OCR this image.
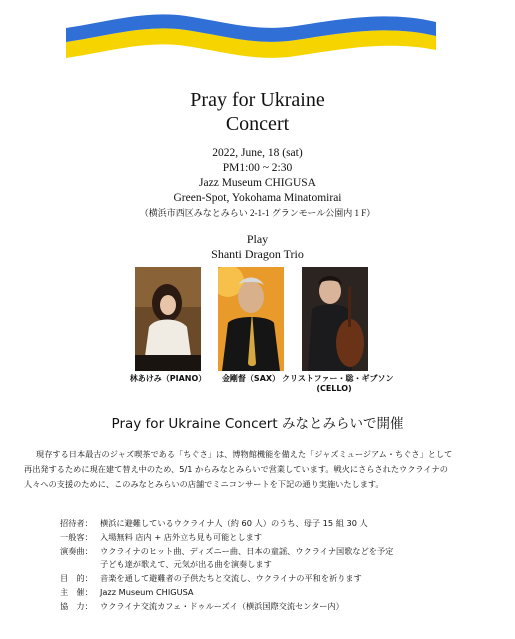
Pray for Ukraine
Concert
2022, June, 18 (sat)
PM1:00 ~ 2:30
Jazz Museum CHIGUSA
Green-Spot, Yokohama Minatomirai
（横浜市西区みなとみらい 2-1-1 グランモール公園内 1 F）
Play
Shanti Dragon Trio
林あけみ（PIANO）	金剛督（SAX） クリストファー・聡・ギブソン
(CELLO)
Pray for Ukraine Concert みなとみらいで開催

現存する日本最古のジャズ喫茶である「ちぐさ」は、博物館機能を備えた「ジャズミュージアム・ちぐさ」として

再出発するために現在建て替え中のため、5/1 からみなとみらいで営業しています。戦火にさらされたウクライナの

人々への支援のために、このみなとみらいの店舗でミニコンサートを下記の通り実施いたします。

招待者： 横浜に避難しているウクライナ人（約 60 人）のうち、母子 15 組 30 人
一般客： 入場無料 店内 + 店外立ち見も可能とします
演奏曲： ウクライナのヒット曲、ディズニー曲、日本の童謡、ウクライナ国歌などを予定
子ども達が歌えて、元気が出る曲を演奏します
目　的： 音楽を通して避難者の子供たちと交流し、ウクライナの平和を祈ります
主　催： Jazz Museum CHIGUSA
協　力： ウクライナ交流カフェ・ドゥルーズイ（横浜国際交流センター内）
